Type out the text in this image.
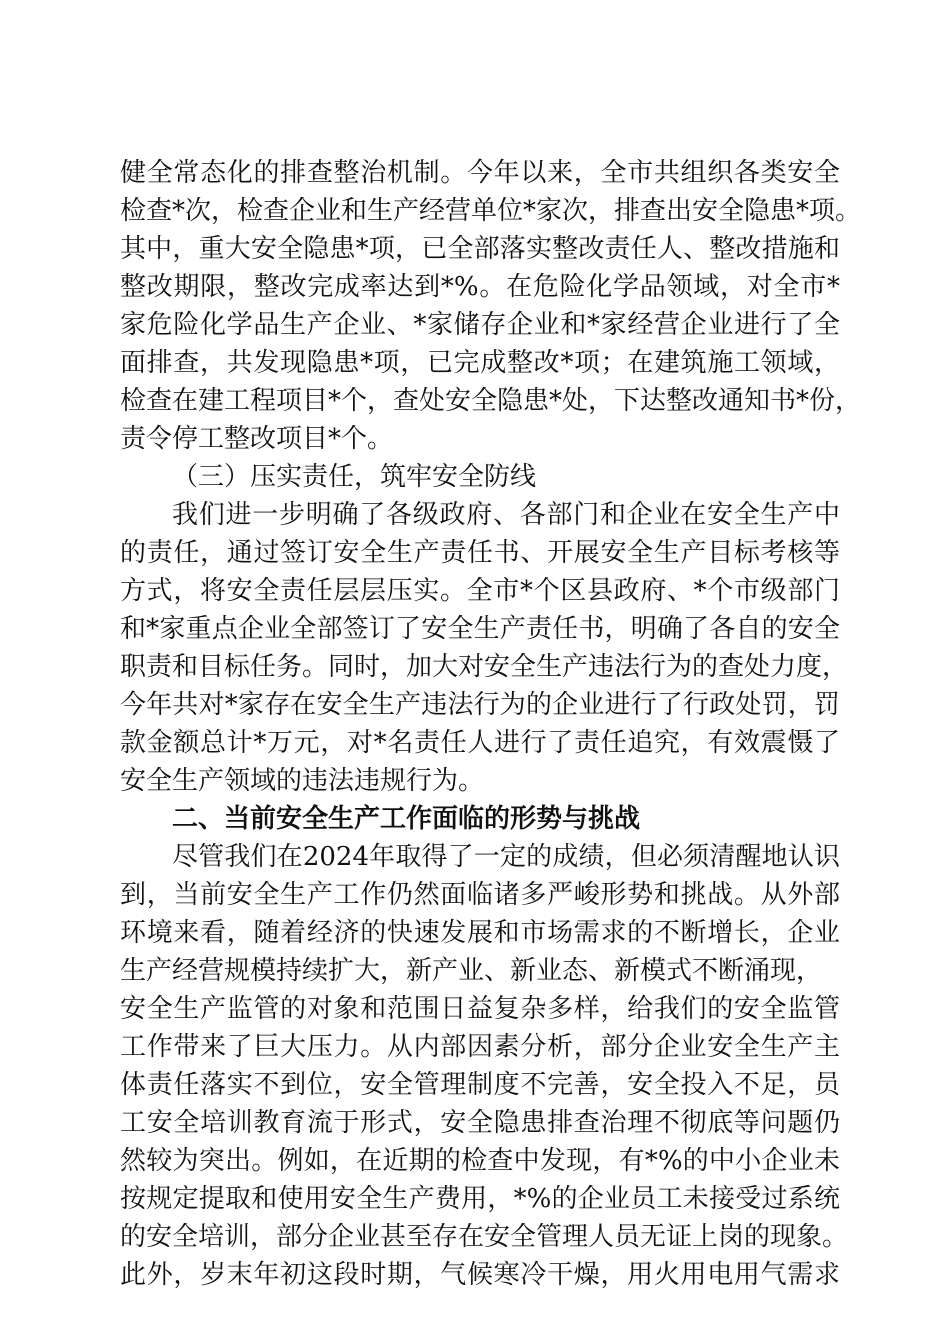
健全常态化的排查整治机制。今年以来，全市共组织各类安全
检查*次，检查企业和生产经营单位*家次，排查出安全隐患*项。
其中，重大安全隐患*项，已全部落实整改责任人、整改措施和
整改期限，整改完成率达到*%。在危险化学品领域，对全市*
家危险化学品生产企业、*家储存企业和*家经营企业进行了全
面排查，共发现隐患*项，已完成整改*项；在建筑施工领域，
检查在建工程项目*个，查处安全隐患*处，下达整改通知书*份，
责令停工整改项目*个。
（三）压实责任，筑牢安全防线
我们进一步明确了各级政府、各部门和企业在安全生产中
的责任，通过签订安全生产责任书、开展安全生产目标考核等
方式，将安全责任层层压实。全市*个区县政府、*个市级部门
和*家重点企业全部签订了安全生产责任书，明确了各自的安全
职责和目标任务。同时，加大对安全生产违法行为的查处力度，
今年共对*家存在安全生产违法行为的企业进行了行政处罚，罚
款金额总计*万元，对*名责任人进行了责任追究，有效震慑了
安全生产领域的违法违规行为。
二、当前安全生产工作面临的形势与挑战
尽管我们在2024年取得了一定的成绩，但必须清醒地认识
到，当前安全生产工作仍然面临诸多严峻形势和挑战。从外部
环境来看，随着经济的快速发展和市场需求的不断增长，企业
生产经营规模持续扩大，新产业、新业态、新模式不断涌现，
安全生产监管的对象和范围日益复杂多样，给我们的安全监管
工作带来了巨大压力。从内部因素分析，部分企业安全生产主
体责任落实不到位，安全管理制度不完善，安全投入不足，员
工安全培训教育流于形式，安全隐患排查治理不彻底等问题仍
然较为突出。例如，在近期的检查中发现，有*%的中小企业未
按规定提取和使用安全生产费用，*%的企业员工未接受过系统
的安全培训，部分企业甚至存在安全管理人员无证上岗的现象。
此外，岁末年初这段时期，气候寒冷干燥，用火用电用气需求
